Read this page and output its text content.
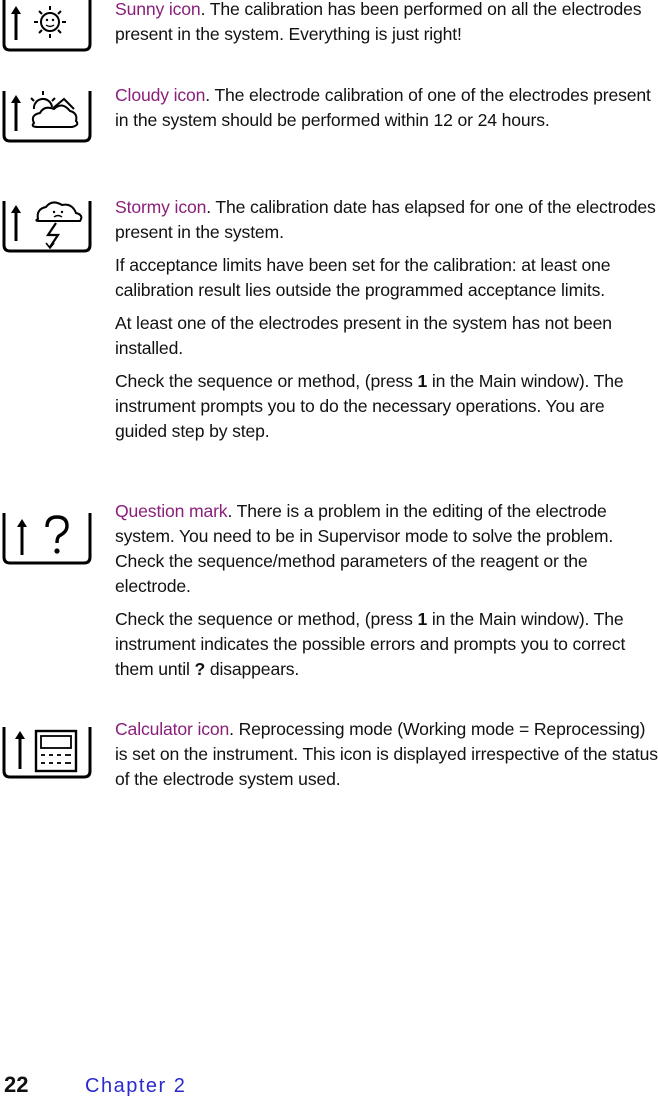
Sunny icon. The calibration has been performed on all the electrodes present in the system. Everything is just right!

Cloudy icon. The electrode calibration of one of the electrodes present in the system should be performed within 12 or 24 hours.

Stormy icon. The calibration date has elapsed for one of the electrodes present in the system.

If acceptance limits have been set for the calibration: at least one calibration result lies outside the programmed acceptance limits.

At least one of the electrodes present in the system has not been installed.

Check the sequence or method, (press 1 in the Main window). The instrument prompts you to do the necessary operations. You are guided step by step.

Question mark. There is a problem in the editing of the electrode system. You need to be in Supervisor mode to solve the problem. Check the sequence/method parameters of the reagent or the electrode.

Check the sequence or method, (press 1 in the Main window). The instrument indicates the possible errors and prompts you to correct them until ? disappears.

Calculator icon. Reprocessing mode (Working mode = Reprocessing) is set on the instrument. This icon is displayed irrespective of the status of the electrode system used.

22	Chapter 2
